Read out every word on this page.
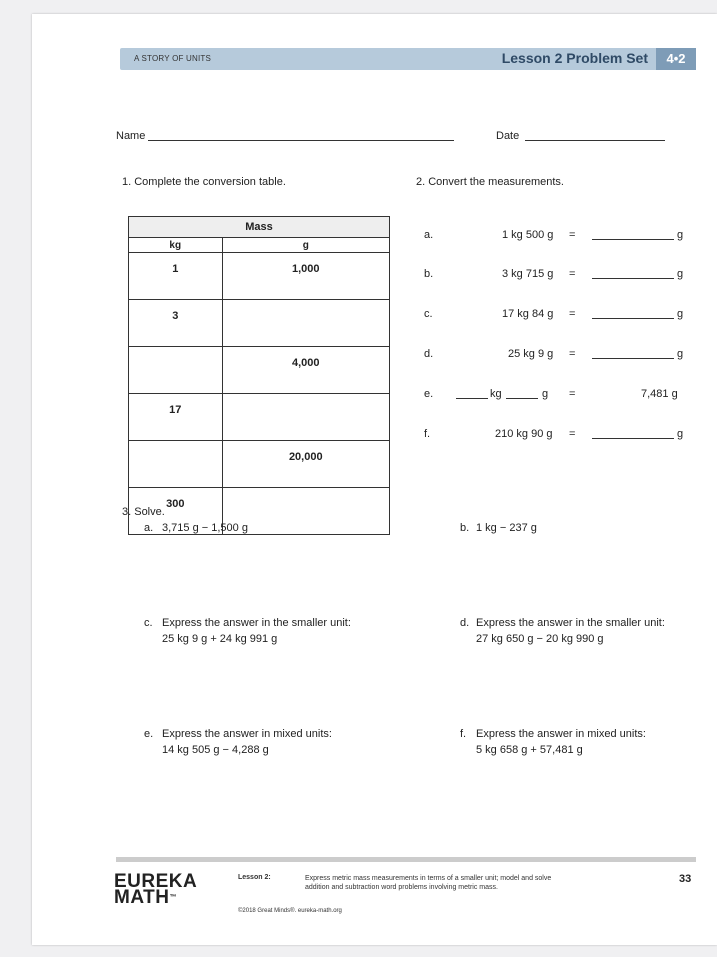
A STORY OF UNITS	Lesson 2 Problem Set	4•2
Name	Date
1. Complete the conversion table.
Mass	
kg	g
1	1,000
3	
	4,000
17	
	20,000
300	
2. Convert the measurements.
a.	1 kg 500 g =	g
b.	3 kg 715 g =	g
c.	17 kg 84 g =	g
d.	25 kg 9 g =	g
e.	kg	g =	7,481 g
f.	210 kg 90 g =	g
3. Solve.
a. 3,715 g − 1,500 g	b. 1 kg − 237 g
c. Express the answer in the smaller unit:
25 kg 9 g + 24 kg 991 g
d. Express the answer in the smaller unit:
27 kg 650 g − 20 kg 990 g
e. Express the answer in mixed units:
14 kg 505 g − 4,288 g
f. Express the answer in mixed units:
5 kg 658 g + 57,481 g
EUREKA
MATH™
Lesson 2:	Express metric mass measurements in terms of a smaller unit; model and solve addition and subtraction word problems involving metric mass.
©2018 Great Minds®. eureka-math.org
33
